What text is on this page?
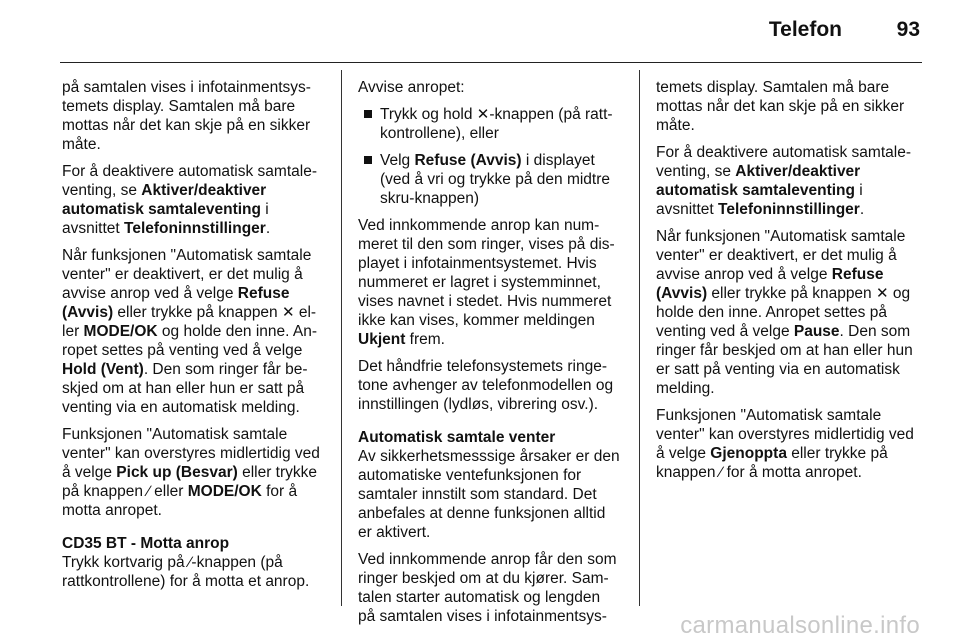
Telefon	93

på samtalen vises i infotainmentsys-temets display. Samtalen må bare mottas når det kan skje på en sikker måte.

For å deaktivere automatisk samtale-venting, se Aktiver/deaktiver automatisk samtaleventing i avsnittet Telefoninnstillinger.

Når funksjonen "Automatisk samtale venter" er deaktivert, er det mulig å avvise anrop ved å velge Refuse (Avvis) eller trykke på knappen ✕ el-ler MODE/OK og holde den inne. An-ropet settes på venting ved å velge Hold (Vent). Den som ringer får be-skjed om at han eller hun er satt på venting via en automatisk melding.

Funksjonen "Automatisk samtale venter" kan overstyres midlertidig ved å velge Pick up (Besvar) eller trykke på knappen ∕ eller MODE/OK for å motta anropet.

CD35 BT - Motta anrop

Trykk kortvarig på ∕-knappen (på rattkontrollene) for å motta et anrop.

Avvise anropet:

Trykk og hold ✕-knappen (på ratt-kontrollene), eller

Velg Refuse (Avvis) i displayet (ved å vri og trykke på den midtre skru-knappen)

Ved innkommende anrop kan num-meret til den som ringer, vises på dis-playet i infotainmentsystemet. Hvis nummeret er lagret i systemminnet, vises navnet i stedet. Hvis nummeret ikke kan vises, kommer meldingen Ukjent frem.

Det håndfrie telefonsystemets ringe-tone avhenger av telefonmodellen og innstillingen (lydløs, vibrering osv.).

Automatisk samtale venter

Av sikkerhetsmesssige årsaker er den automatiske ventefunksjonen for samtaler innstilt som standard. Det anbefales at denne funksjonen alltid er aktivert.

Ved innkommende anrop får den som ringer beskjed om at du kjører. Sam-talen starter automatisk og lengden på samtalen vises i infotainmentsys-

temets display. Samtalen må bare mottas når det kan skje på en sikker måte.

For å deaktivere automatisk samtale-venting, se Aktiver/deaktiver automatisk samtaleventing i avsnittet Telefoninnstillinger.

Når funksjonen "Automatisk samtale venter" er deaktivert, er det mulig å avvise anrop ved å velge Refuse (Avvis) eller trykke på knappen ✕ og holde den inne. Anropet settes på venting ved å velge Pause. Den som ringer får beskjed om at han eller hun er satt på venting via en automatisk melding.

Funksjonen "Automatisk samtale venter" kan overstyres midlertidig ved å velge Gjenoppta eller trykke på knappen ∕ for å motta anropet.

carmanualsonline.info
